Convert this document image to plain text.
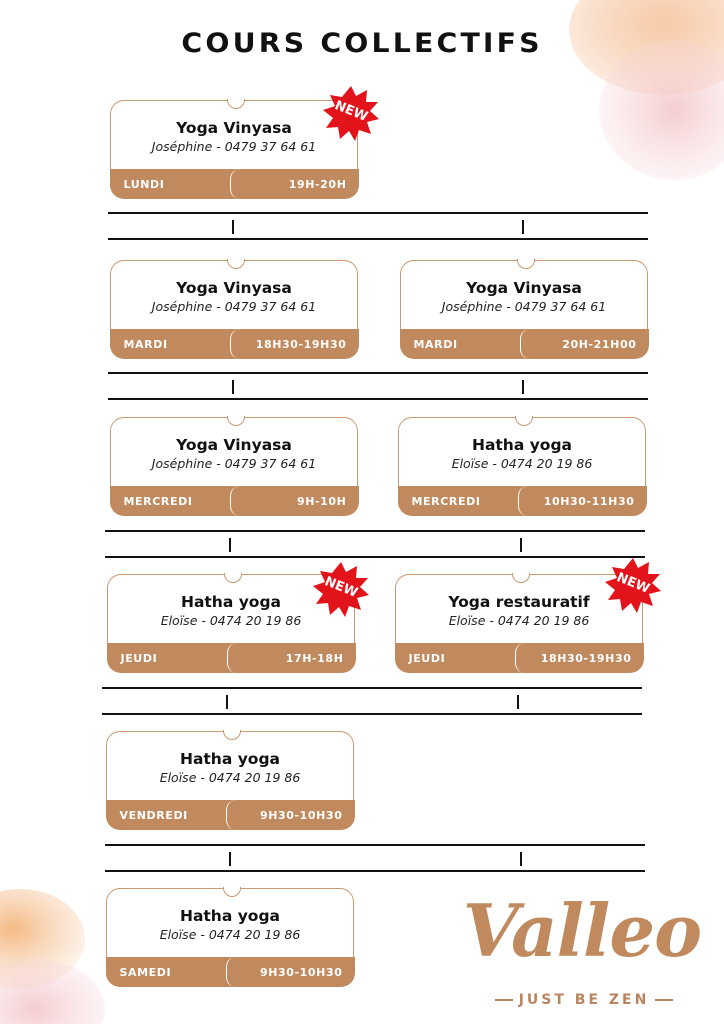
COURS COLLECTIFS
Yoga Vinyasa
Joséphine - 0479 37 64 61
LUNDI	19H-20H
NEW
Yoga Vinyasa
Joséphine - 0479 37 64 61
MARDI	18H30-19H30
Yoga Vinyasa
Joséphine - 0479 37 64 61
MARDI	20H-21H00
Yoga Vinyasa
Joséphine - 0479 37 64 61
MERCREDI	9H-10H
Hatha yoga
Eloïse - 0474 20 19 86
MERCREDI	10H30-11H30
Hatha yoga
Eloïse - 0474 20 19 86
JEUDI	17H-18H
NEW
Yoga restauratif
Eloïse - 0474 20 19 86
JEUDI	18H30-19H30
NEW
Hatha yoga
Eloïse - 0474 20 19 86
VENDREDI	9H30-10H30
Hatha yoga
Eloïse - 0474 20 19 86
SAMEDI	9H30-10H30 Valleo
JUST BE ZEN
